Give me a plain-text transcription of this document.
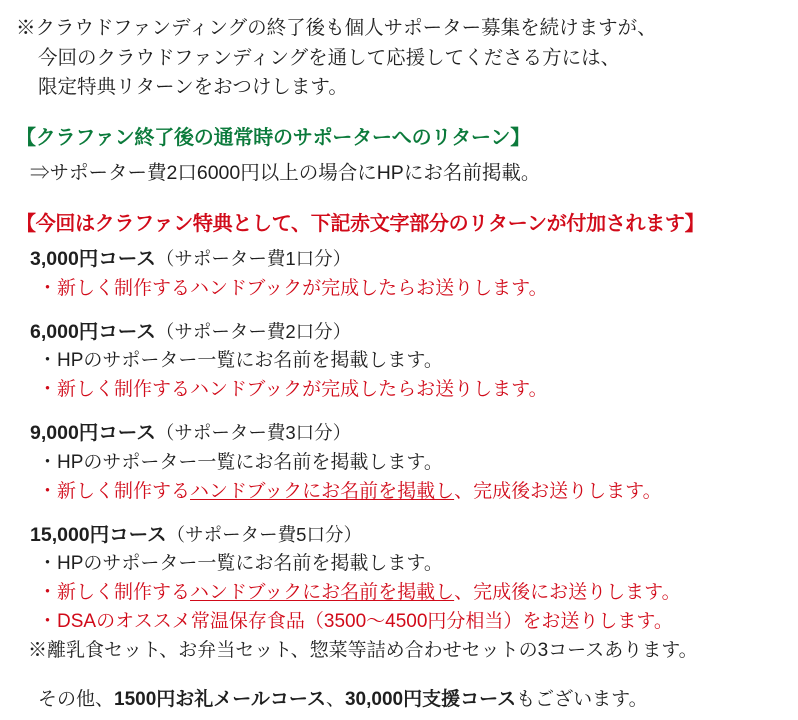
※クラウドファンディングの終了後も個人サポーター募集を続けますが、
今回のクラウドファンディングを通して応援してくださる方には、
限定特典リターンをおつけします。
【クラファン終了後の通常時のサポーターへのリターン】
⇒サポーター費2口6000円以上の場合にHPにお名前掲載。
【今回はクラファン特典として、下記赤文字部分のリターンが付加されます】
3,000円コース（サポーター費1口分）
・新しく制作するハンドブックが完成したらお送りします。
6,000円コース（サポーター費2口分）
・HPのサポーター一覧にお名前を掲載します。
・新しく制作するハンドブックが完成したらお送りします。
9,000円コース（サポーター費3口分）
・HPのサポーター一覧にお名前を掲載します。
・新しく制作するハンドブックにお名前を掲載し、完成後お送りします。
15,000円コース（サポーター費5口分）
・HPのサポーター一覧にお名前を掲載します。
・新しく制作するハンドブックにお名前を掲載し、完成後にお送りします。
・DSAのオススメ常温保存食品（3500〜4500円分相当）をお送りします。
※離乳食セット、お弁当セット、惣菜等詰め合わせセットの3コースあります。
その他、1500円お礼メールコース、30,000円支援コースもございます。
